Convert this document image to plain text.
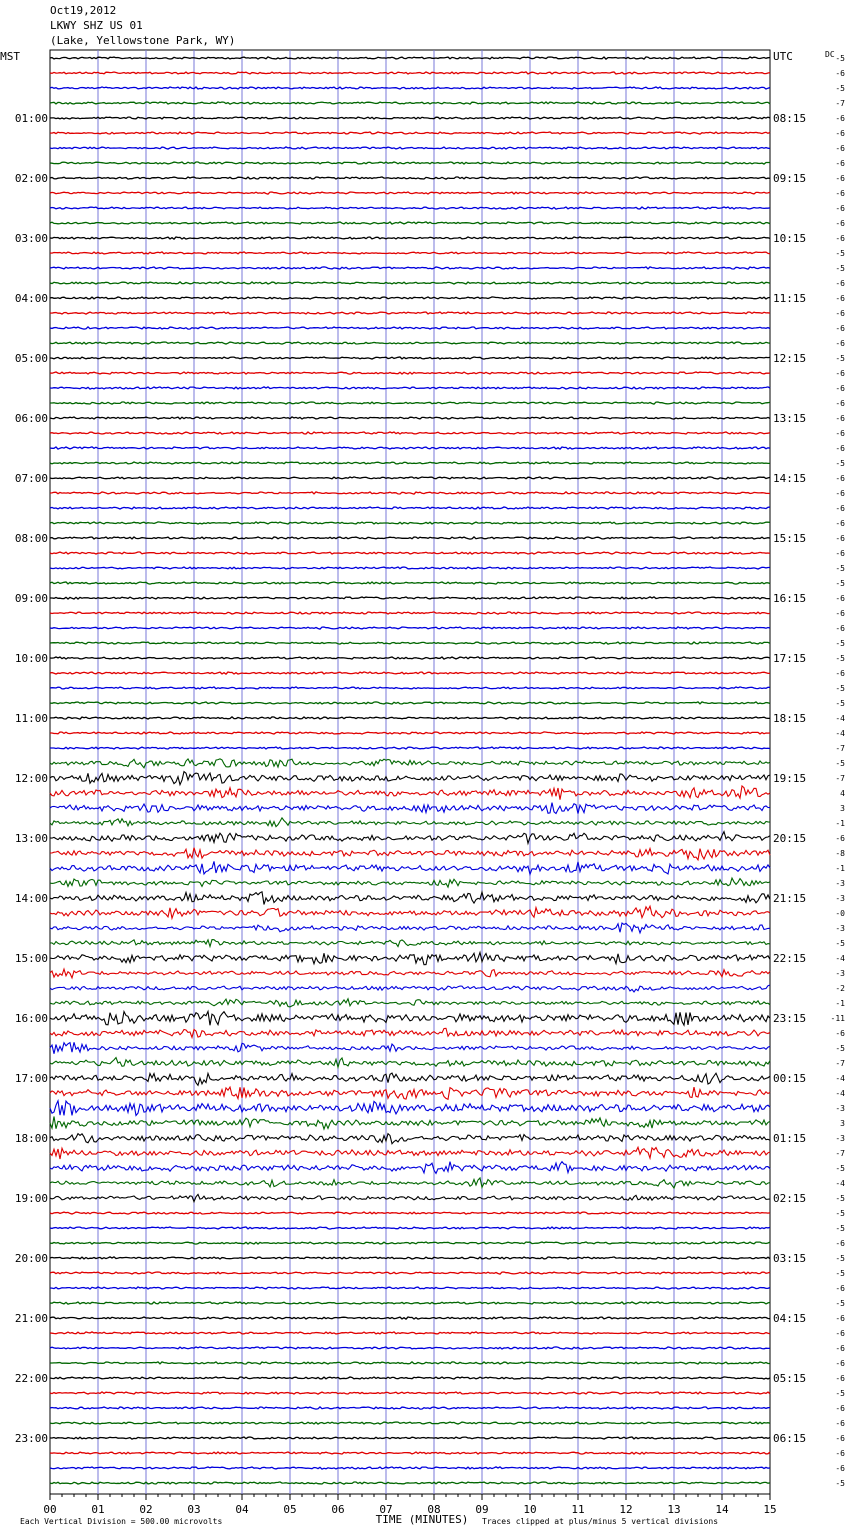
Oct19,2012
LKWY SHZ US 01
(Lake, Yellowstone Park, WY)
-5
-6
-5
-7
-6
-6
-6
-6
-6
-6
-6
-6
-6
-5
-5
-6
-6
-6
-6
-6
-5
-6
-6
-6
-6
-6
-6
-5
-6
-6
-6
-6
-6
-6
-5
-5
-6
-6
-6
-5
-5
-6
-5
-5
-4
-4
-7
-5
-7
4
3
-1
-6
-8
-1
-3
-3
-0
-3
-5
-4
-3
-2
-1
-11
-6
-5
-7
-4
-4
-3
3
-3
-7
-5
-4
-5
-5
-5
-6
-5
-5
-6
-5
-6
-6
-6
-6
-6
-5
-6
-6
-6
-6
-6
-5
MST	UTC	DC
01:00
02:00
03:00
04:00
05:00
06:00
07:00
08:00
09:00
10:00
11:00
12:00
13:00
14:00
15:00
16:00
17:00
18:00
19:00
20:00
21:00
22:00
23:00
08:15
09:15
10:15
11:15
12:15
13:15
14:15
15:15
16:15
17:15
18:15
19:15
20:15
21:15
22:15
23:15
00:15
01:15
02:15
03:15
04:15
05:15
06:15
00	01	02	03	04	05	06	07	08	09	10	11	12	13	14	15
Each Vertical Division = 500.00 microvolts	TIME (MINUTES) Traces clipped at plus/minus 5 vertical divisions
